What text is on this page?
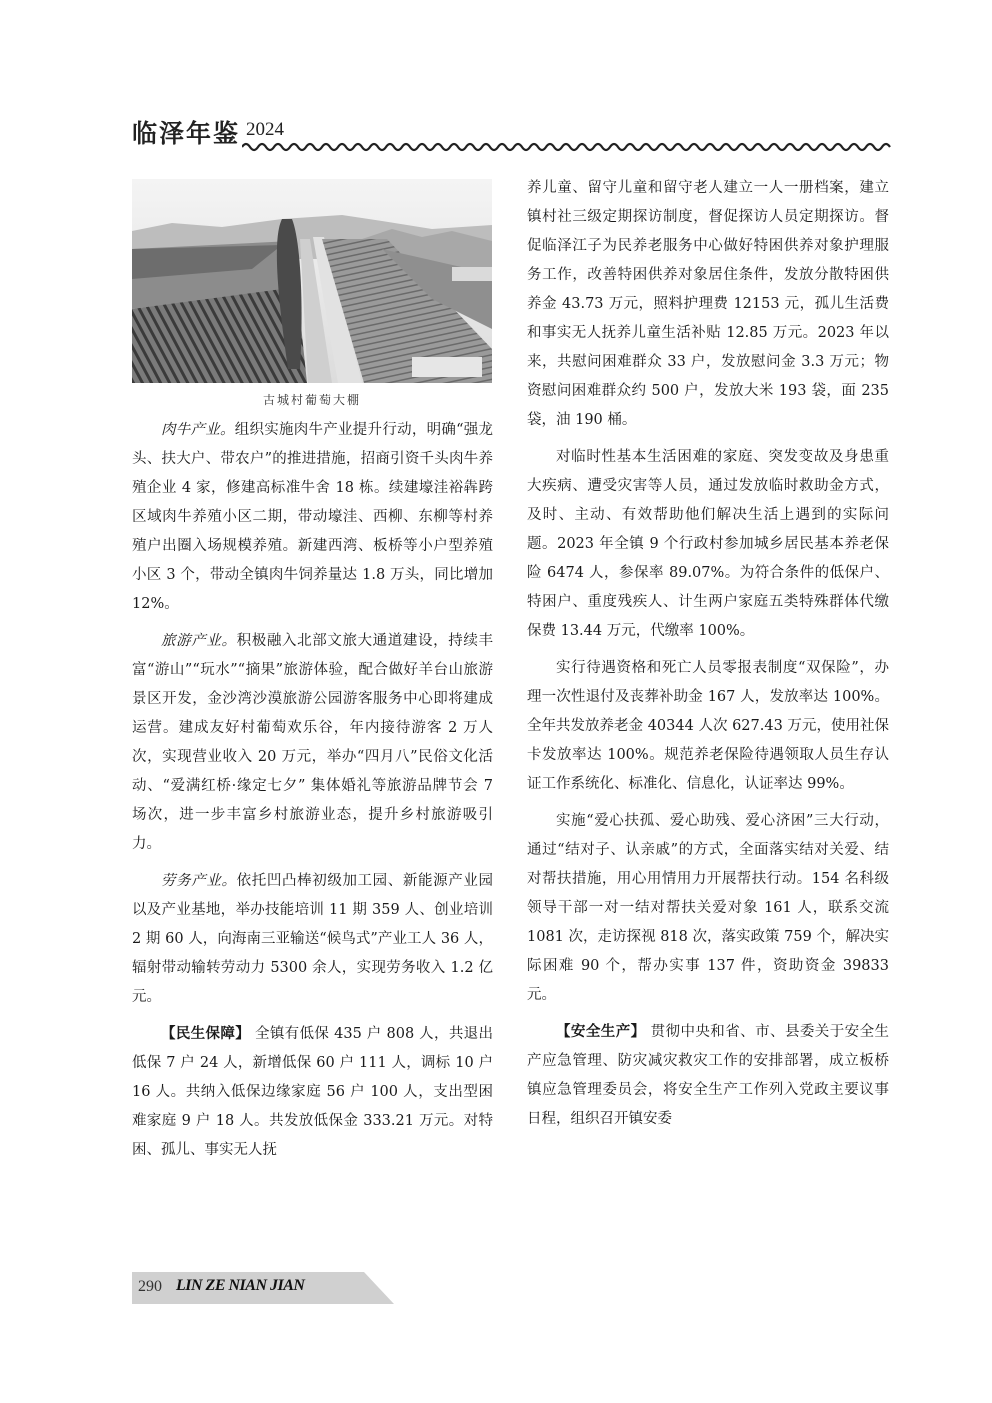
临泽年鉴 2024
古城村葡萄大棚

肉牛产业。组织实施肉牛产业提升行动，明确“强龙头、扶大户、带农户”的推进措施，招商引资千头肉牛养殖企业 4 家，修建高标准牛舍 18 栋。续建壕洼裕犇跨区域肉牛养殖小区二期，带动壕洼、西柳、东柳等村养殖户出圈入场规模养殖。新建西湾、板桥等小户型养殖小区 3 个，带动全镇肉牛饲养量达 1.8 万头，同比增加 12%。

旅游产业。积极融入北部文旅大通道建设，持续丰富“游山”“玩水”“摘果”旅游体验，配合做好羊台山旅游景区开发，金沙湾沙漠旅游公园游客服务中心即将建成运营。建成友好村葡萄欢乐谷，年内接待游客 2 万人次，实现营业收入 20 万元，举办“四月八”民俗文化活动、“爱满红桥·缘定七夕” 集体婚礼等旅游品牌节会 7 场次，进一步丰富乡村旅游业态，提升乡村旅游吸引力。

劳务产业。依托凹凸棒初级加工园、新能源产业园以及产业基地，举办技能培训 11 期 359 人、创业培训 2 期 60 人，向海南三亚输送“候鸟式”产业工人 36 人，辐射带动输转劳动力 5300 余人，实现劳务收入 1.2 亿元。

【民生保障】 全镇有低保 435 户 808 人，共退出低保 7 户 24 人，新增低保 60 户 111 人，调标 10 户 16 人。共纳入低保边缘家庭 56 户 100 人，支出型困难家庭 9 户 18 人。共发放低保金 333.21 万元。对特困、孤儿、事实无人抚

养儿童、留守儿童和留守老人建立一人一册档案，建立镇村社三级定期探访制度，督促探访人员定期探访。督促临泽江子为民养老服务中心做好特困供养对象护理服务工作，改善特困供养对象居住条件，发放分散特困供养金 43.73 万元，照料护理费 12153 元，孤儿生活费和事实无人抚养儿童生活补贴 12.85 万元。2023 年以来，共慰问困难群众 33 户，发放慰问金 3.3 万元；物资慰问困难群众约 500 户，发放大米 193 袋，面 235 袋，油 190 桶。

对临时性基本生活困难的家庭、突发变故及身患重大疾病、遭受灾害等人员，通过发放临时救助金方式，及时、主动、有效帮助他们解决生活上遇到的实际问题。2023 年全镇 9 个行政村参加城乡居民基本养老保险 6474 人，参保率 89.07%。为符合条件的低保户、特困户、重度残疾人、计生两户家庭五类特殊群体代缴保费 13.44 万元，代缴率 100%。

实行待遇资格和死亡人员零报表制度“双保险”，办理一次性退付及丧葬补助金 167 人，发放率达 100%。全年共发放养老金 40344 人次 627.43 万元，使用社保卡发放率达 100%。规范养老保险待遇领取人员生存认证工作系统化、标准化、信息化，认证率达 99%。

实施“爱心扶孤、爱心助残、爱心济困”三大行动，通过“结对子、认亲戚”的方式，全面落实结对关爱、结对帮扶措施，用心用情用力开展帮扶行动。154 名科级领导干部一对一结对帮扶关爱对象 161 人，联系交流 1081 次，走访探视 818 次，落实政策 759 个，解决实际困难 90 个，帮办实事 137 件，资助资金 39833 元。

【安全生产】 贯彻中央和省、市、县委关于安全生产应急管理、防灾减灾救灾工作的安排部署，成立板桥镇应急管理委员会，将安全生产工作列入党政主要议事日程，组织召开镇安委

290 LIN ZE NIAN JIAN
